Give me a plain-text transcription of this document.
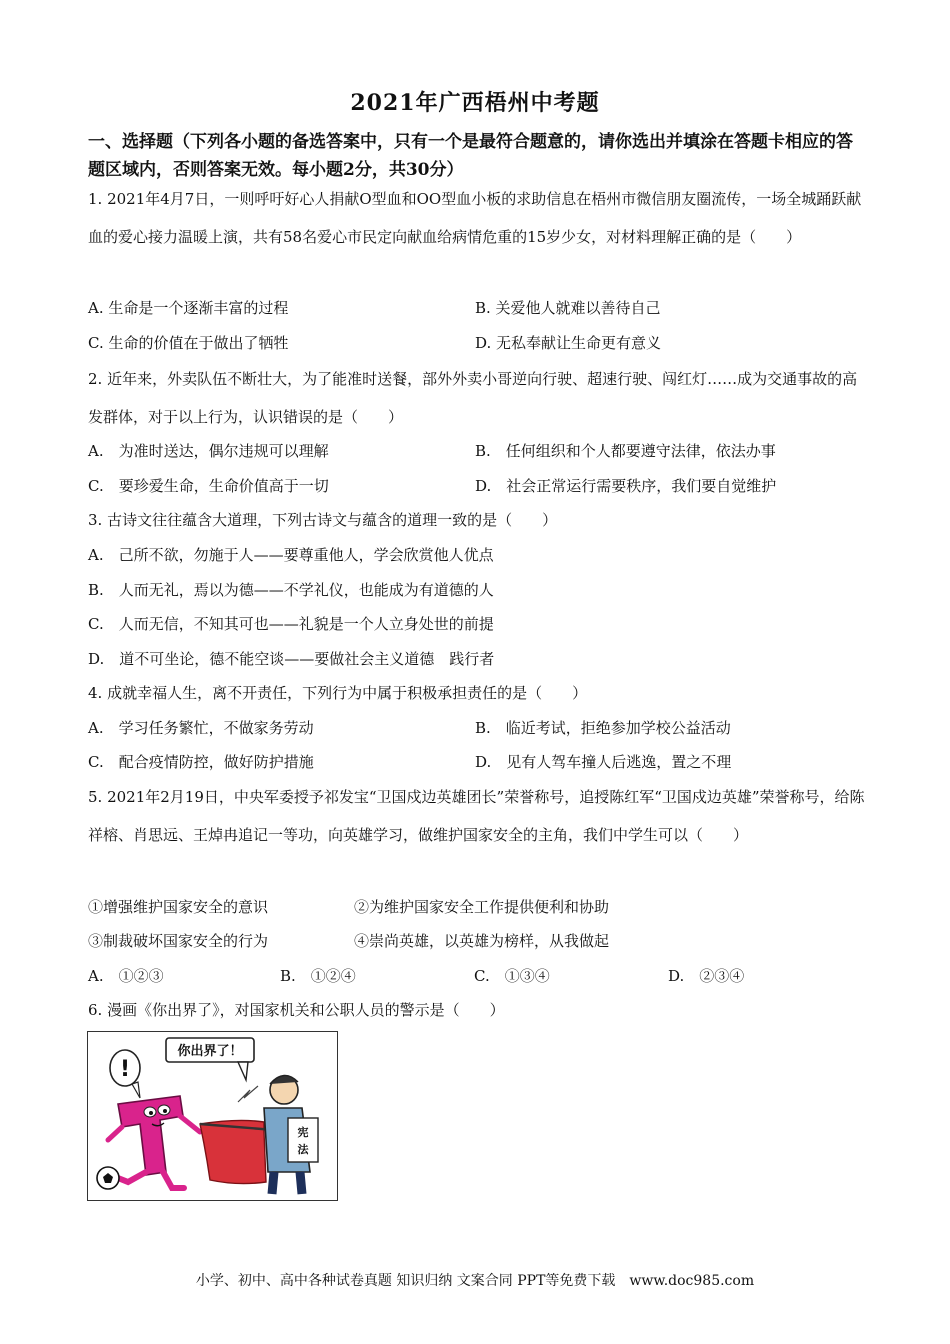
2021年广西梧州中考题
一、选择题（下列各小题的备选答案中，只有一个是最符合题意的，请你选出并填涂在答题卡相应的答题区域内，否则答案无效。每小题2分，共30分）
1. 2021年4月7日，一则呼吁好心人捐献O型血和OO型血小板的求助信息在梧州市微信朋友圈流传，一场全城踊跃献血的爱心接力温暖上演，共有58名爱心市民定向献血给病情危重的15岁少女，对材料理解正确的是（　　）
A. 生命是一个逐渐丰富的过程	B. 关爱他人就难以善待自己
C. 生命的价值在于做出了牺牲	D. 无私奉献让生命更有意义
2. 近年来，外卖队伍不断壮大，为了能准时送餐，部外外卖小哥逆向行驶、超速行驶、闯红灯……成为交通事故的高发群体，对于以上行为，认识错误的是（　　）
A.　为准时送达，偶尔违规可以理解	B.　任何组织和个人都要遵守法律，依法办事
C.　要珍爱生命，生命价值高于一切	D.　社会正常运行需要秩序，我们要自觉维护
3. 古诗文往往蕴含大道理，下列古诗文与蕴含的道理一致的是（　　）
A.　己所不欲，勿施于人——要尊重他人，学会欣赏他人优点
B.　人而无礼，焉以为德——不学礼仪，也能成为有道德的人
C.　人而无信，不知其可也——礼貌是一个人立身处世的前提
D.　道不可坐论，德不能空谈——要做社会主义道德　践行者
4. 成就幸福人生，离不开责任，下列行为中属于积极承担责任的是（　　）
A.　学习任务繁忙，不做家务劳动	B.　临近考试，拒绝参加学校公益活动
C.　配合疫情防控，做好防护措施	D.　见有人驾车撞人后逃逸，置之不理
5. 2021年2月19日，中央军委授予祁发宝“卫国戍边英雄团长”荣誉称号，追授陈红军“卫国戍边英雄”荣誉称号，给陈祥榕、肖思远、王焯冉追记一等功，向英雄学习，做维护国家安全的主角，我们中学生可以（　　）
①增强维护国家安全的意识	②为维护国家安全工作提供便利和协助
③制裁破坏国家安全的行为	④崇尚英雄，以英雄为榜样，从我做起
A.　①②③	B.　①②④	C.　①③④	D.　②③④
6. 漫画《你出界了》，对国家机关和公职人员的警示是（　　）
你出界了！
!
宪
法
小学、初中、高中各种试卷真题 知识归纳 文案合同 PPT等免费下载　www.doc985.com
